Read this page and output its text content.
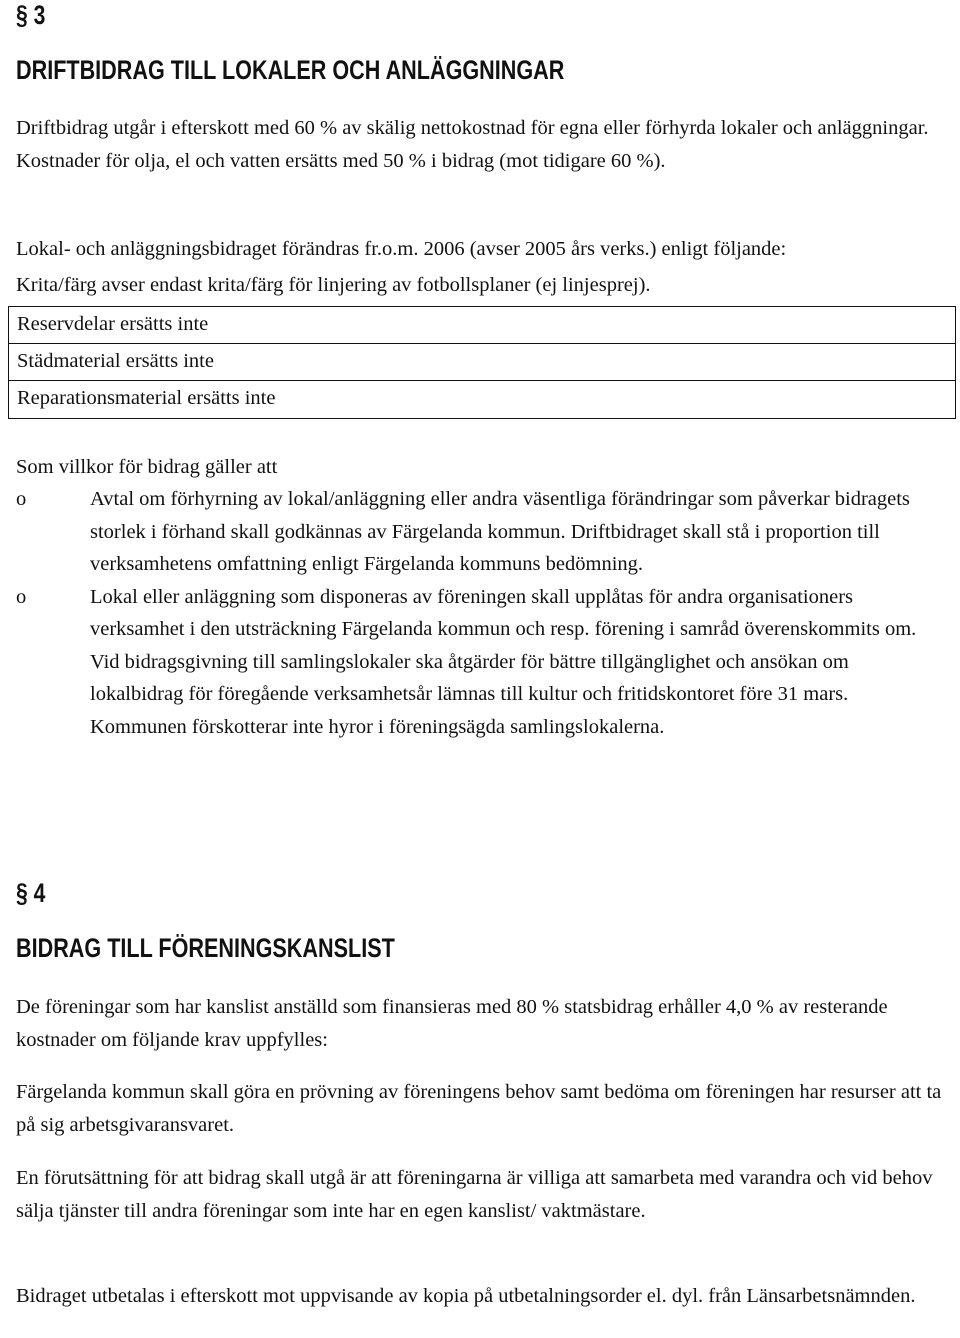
§ 3
DRIFTBIDRAG TILL LOKALER OCH ANLÄGGNINGAR

Driftbidrag utgår i efterskott med 60 % av skälig nettokostnad för egna eller förhyrda lokaler och anläggningar. Kostnader för olja, el och vatten ersätts med 50 % i bidrag (mot tidigare 60 %).

Lokal- och anläggningsbidraget förändras fr.o.m. 2006 (avser 2005 års verks.) enligt följande:

Krita/färg avser endast krita/färg för linjering av fotbollsplaner (ej linjesprej).

Reservdelar ersätts inte
Städmaterial ersätts inte
Reparationsmaterial ersätts inte

Som villkor för bidrag gäller att

o	Avtal om förhyrning av lokal/anläggning eller andra väsentliga förändringar som påverkar bidragets storlek i förhand skall godkännas av Färgelanda kommun. Driftbidraget skall stå i proportion till verksamhetens omfattning enligt Färgelanda kommuns bedömning.
o	Lokal eller anläggning som disponeras av föreningen skall upplåtas för andra organisationers verksamhet i den utsträckning Färgelanda kommun och resp. förening i samråd överenskommits om. Vid bidragsgivning till samlingslokaler ska åtgärder för bättre tillgänglighet och ansökan om lokalbidrag för föregående verksamhetsår lämnas till kultur och fritidskontoret före 31 mars. Kommunen förskotterar inte hyror i föreningsägda samlingslokalerna.
§ 4
BIDRAG TILL FÖRENINGSKANSLIST

De föreningar som har kanslist anställd som finansieras med 80 % statsbidrag erhåller 4,0 % av resterande kostnader om följande krav uppfylles:

Färgelanda kommun skall göra en prövning av föreningens behov samt bedöma om föreningen har resurser att ta på sig arbetsgivaransvaret.

En förutsättning för att bidrag skall utgå är att föreningarna är villiga att samarbeta med varandra och vid behov sälja tjänster till andra föreningar som inte har en egen kanslist/ vaktmästare.

Bidraget utbetalas i efterskott mot uppvisande av kopia på utbetalningsorder el. dyl. från Länsarbetsnämnden.
